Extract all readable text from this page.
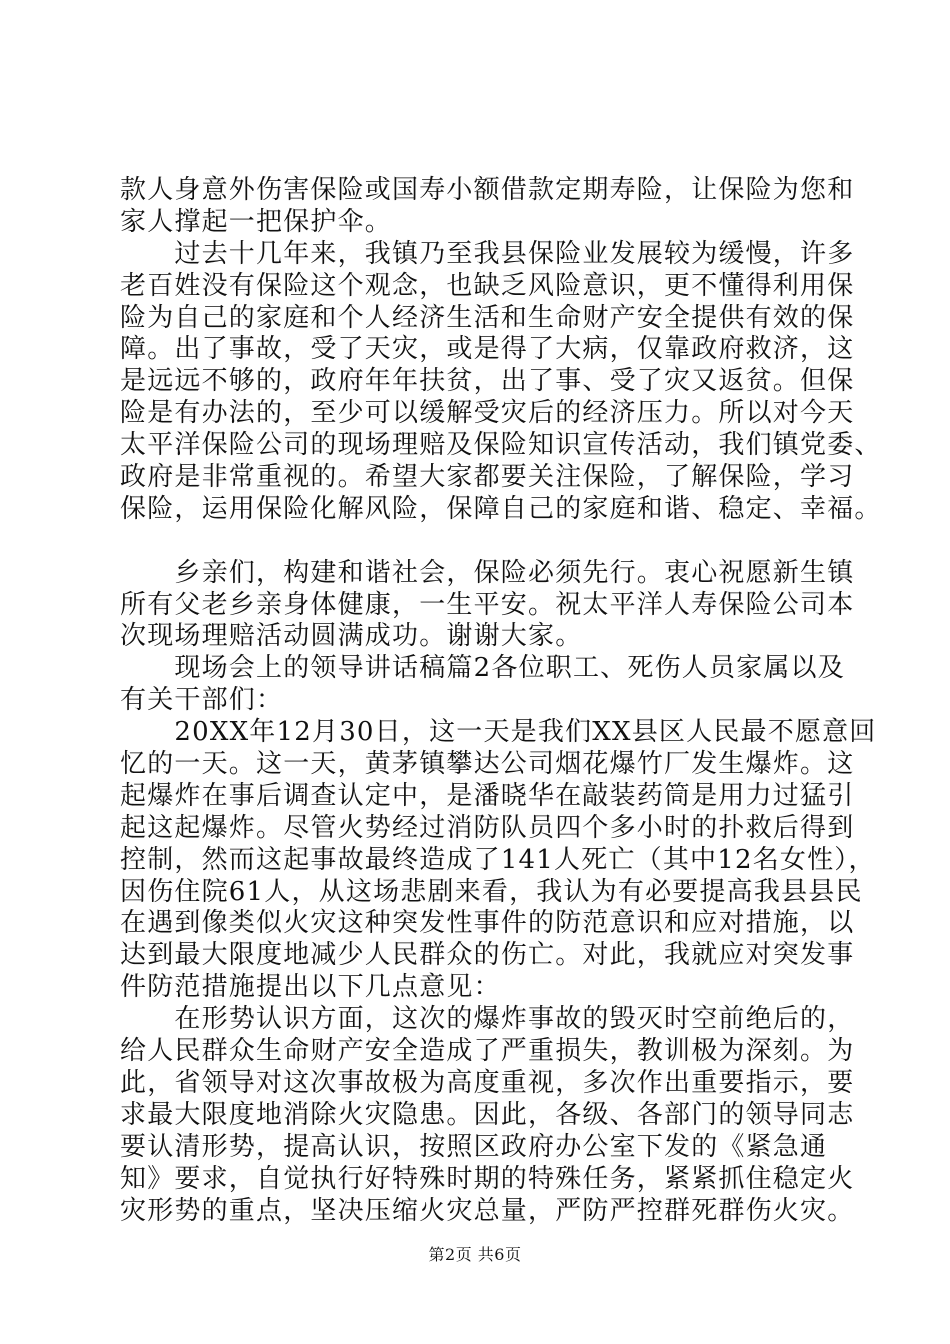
款人身意外伤害保险或国寿小额借款定期寿险，让保险为您和
家人撑起一把保护伞。
　　过去十几年来，我镇乃至我县保险业发展较为缓慢，许多
老百姓没有保险这个观念，也缺乏风险意识，更不懂得利用保
险为自己的家庭和个人经济生活和生命财产安全提供有效的保
障。出了事故，受了天灾，或是得了大病，仅靠政府救济，这
是远远不够的，政府年年扶贫，出了事、受了灾又返贫。但保
险是有办法的，至少可以缓解受灾后的经济压力。所以对今天
太平洋保险公司的现场理赔及保险知识宣传活动，我们镇党委、
政府是非常重视的。希望大家都要关注保险，了解保险，学习
保险，运用保险化解风险，保障自己的家庭和谐、稳定、幸福。
　　乡亲们，构建和谐社会，保险必须先行。衷心祝愿新生镇
所有父老乡亲身体健康，一生平安。祝太平洋人寿保险公司本
次现场理赔活动圆满成功。谢谢大家。
　　现场会上的领导讲话稿篇2各位职工、死伤人员家属以及
有关干部们：
　　20XX年12月30日，这一天是我们XX县区人民最不愿意回
忆的一天。这一天，黄茅镇攀达公司烟花爆竹厂发生爆炸。这
起爆炸在事后调查认定中，是潘晓华在敲装药筒是用力过猛引
起这起爆炸。尽管火势经过消防队员四个多小时的扑救后得到
控制，然而这起事故最终造成了141人死亡（其中12名女性），
因伤住院61人，从这场悲剧来看，我认为有必要提高我县县民
在遇到像类似火灾这种突发性事件的防范意识和应对措施，以
达到最大限度地减少人民群众的伤亡。对此，我就应对突发事
件防范措施提出以下几点意见：
　　在形势认识方面，这次的爆炸事故的毁灭时空前绝后的，
给人民群众生命财产安全造成了严重损失，教训极为深刻。为
此，省领导对这次事故极为高度重视，多次作出重要指示，要
求最大限度地消除火灾隐患。因此，各级、各部门的领导同志
要认清形势，提高认识，按照区政府办公室下发的《紧急通
知》要求，自觉执行好特殊时期的特殊任务，紧紧抓住稳定火
灾形势的重点，坚决压缩火灾总量，严防严控群死群伤火灾。
第2页 共6页
